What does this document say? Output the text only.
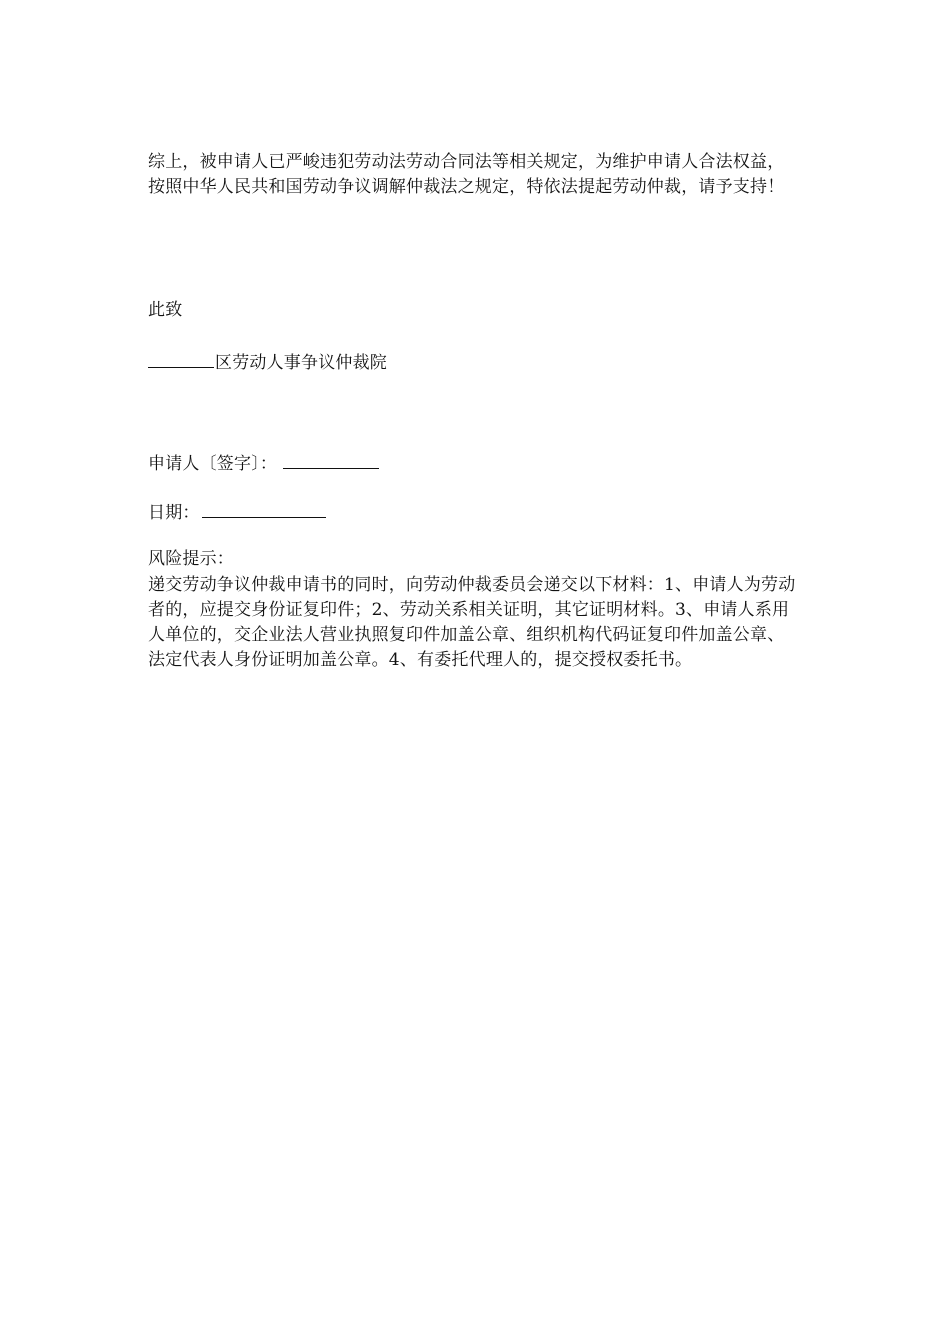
综上，被申请人已严峻违犯劳动法劳动合同法等相关规定，为维护申请人合法权益，按照中华人民共和国劳动争议调解仲裁法之规定，特依法提起劳动仲裁，请予支持！
此致
区劳动人事争议仲裁院
申请人〔签字〕：
日期：
风险提示：
递交劳动争议仲裁申请书的同时，向劳动仲裁委员会递交以下材料：1、申请人为劳动者的，应提交身份证复印件；2、劳动关系相关证明，其它证明材料。3、申请人系用人单位的，交企业法人营业执照复印件加盖公章、组织机构代码证复印件加盖公章、法定代表人身份证明加盖公章。4、有委托代理人的，提交授权委托书。
